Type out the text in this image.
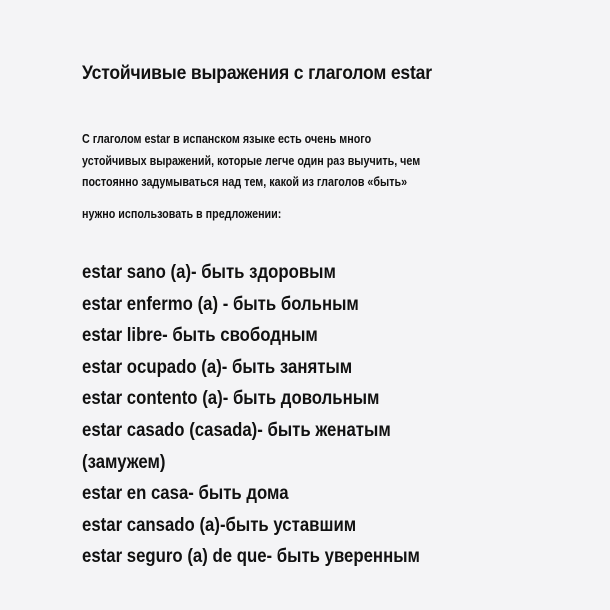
Устойчивые выражения с глаголом estar
С глаголом estar в испанском языке есть очень много
устойчивых выражений, которые легче один раз выучить, чем
постоянно задумываться над тем, какой из глаголов «быть»
нужно использовать в предложении:
estar sano (a)- быть здоровым
estar enfermo (a) - быть больным
estar libre- быть свободным
estar ocupado (a)- быть занятым
estar contento (a)- быть довольным
estar casado (casada)- быть женатым
(замужем)
estar en casa- быть дома
estar cansado (a)-быть уставшим
estar seguro (a) de que- быть уверенным
